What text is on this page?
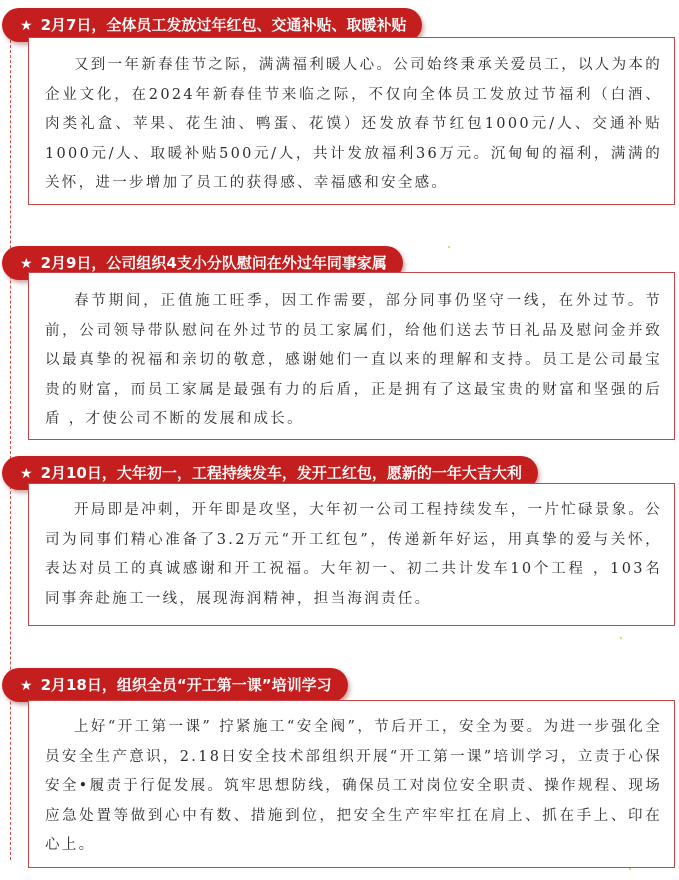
★ 2月7日，全体员工发放过年红包、交通补贴、取暖补贴

又到一年新春佳节之际，满满福利暖人心。公司始终秉承关爱员工，以人为本的企业文化，在2024年新春佳节来临之际，不仅向全体员工发放过节福利（白酒、肉类礼盒、苹果、花生油、鸭蛋、花馍）还发放春节红包1000元/人、交通补贴1000元/人、取暖补贴500元/人，共计发放福利36万元。沉甸甸的福利，满满的关怀，进一步增加了员工的获得感、幸福感和安全感。

★ 2月9日，公司组织4支小分队慰问在外过年同事家属

春节期间，正值施工旺季，因工作需要，部分同事仍坚守一线，在外过节。节前，公司领导带队慰问在外过节的员工家属们，给他们送去节日礼品及慰问金并致以最真挚的祝福和亲切的敬意，感谢她们一直以来的理解和支持。员工是公司最宝贵的财富，而员工家属是最强有力的后盾，正是拥有了这最宝贵的财富和坚强的后盾 ，才使公司不断的发展和成长。

★ 2月10日，大年初一，工程持续发车，发开工红包，愿新的一年大吉大利

开局即是冲刺，开年即是攻坚，大年初一公司工程持续发车，一片忙碌景象。公司为同事们精心准备了3.2万元“开工红包”，传递新年好运，用真挚的爱与关怀，表达对员工的真诚感谢和开工祝福。大年初一、初二共计发车10个工程 ，103名同事奔赴施工一线，展现海润精神，担当海润责任。

★ 2月18日，组织全员“开工第一课”培训学习

上好“开工第一课” 拧紧施工“安全阀”，节后开工，安全为要。为进一步强化全员安全生产意识，2.18日安全技术部组织开展“开工第一课”培训学习，立责于心保安全•履责于行促发展。筑牢思想防线，确保员工对岗位安全职责、操作规程、现场应急处置等做到心中有数、措施到位，把安全生产牢牢扛在肩上、抓在手上、印在心上。
